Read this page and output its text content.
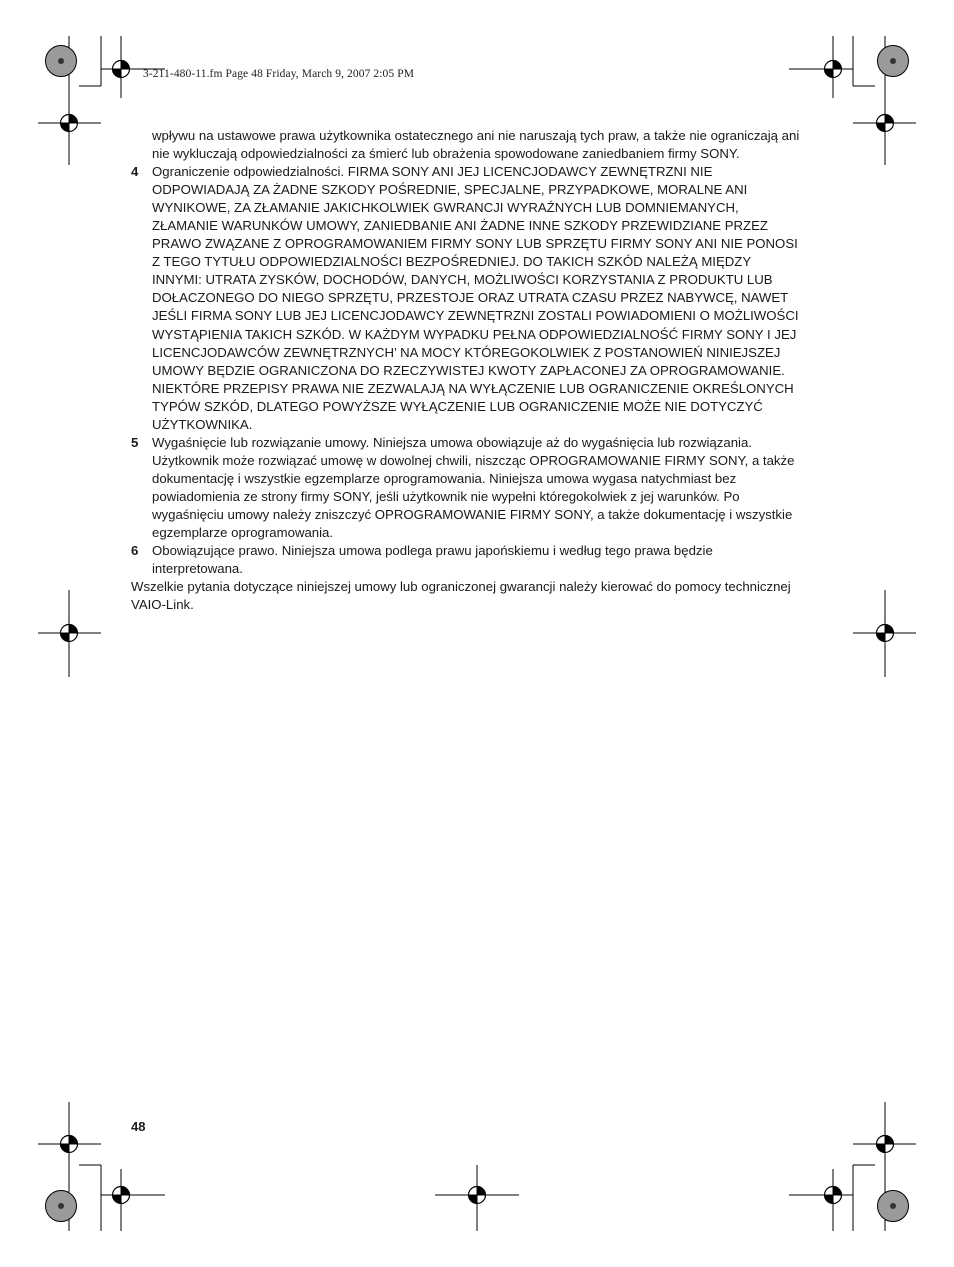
3-211-480-11.fm Page 48 Friday, March 9, 2007 2:05 PM

wpływu na ustawowe prawa użytkownika ostatecznego ani nie naruszają tych praw, a także nie ograniczają ani nie wykluczają odpowiedzialności za śmierć lub obrażenia spowodowane zaniedbaniem firmy SONY.

4	Ograniczenie odpowiedzialności. FIRMA SONY ANI JEJ LICENCJODAWCY ZEWNĘTRZNI NIE ODPOWIADAJĄ ZA ŻADNE SZKODY POŚREDNIE, SPECJALNE, PRZYPADKOWE, MORALNE ANI WYNIKOWE, ZA ZŁAMANIE JAKICHKOLWIEK GWRANCJI WYRAŹNYCH LUB DOMNIEMANYCH, ZŁAMANIE WARUNKÓW UMOWY, ZANIEDBANIE ANI ŻADNE INNE SZKODY PRZEWIDZIANE PRZEZ PRAWO ZWĄZANE Z OPROGRAMOWANIEM FIRMY SONY LUB SPRZĘTU FIRMY SONY ANI NIE PONOSI Z TEGO TYTUŁU ODPOWIEDZIALNOŚCI BEZPOŚREDNIEJ. DO TAKICH SZKÓD NALEŻĄ MIĘDZY INNYMI: UTRATA ZYSKÓW, DOCHODÓW, DANYCH, MOŻLIWOŚCI KORZYSTANIA Z PRODUKTU LUB DOŁACZONEGO DO NIEGO SPRZĘTU, PRZESTOJE ORAZ UTRATA CZASU PRZEZ NABYWCĘ, NAWET JEŚLI FIRMA SONY LUB JEJ LICENCJODAWCY ZEWNĘTRZNI ZOSTALI POWIADOMIENI O MOŻLIWOŚCI WYSTĄPIENIA TAKICH SZKÓD. W KAŻDYM WYPADKU PEŁNA ODPOWIEDZIALNOŚĆ FIRMY SONY I JEJ LICENCJODAWCÓW ZEWNĘTRZNYCH’ NA MOCY KTÓREGOKOLWIEK Z POSTANOWIEŃ NINIEJSZEJ UMOWY BĘDZIE OGRANICZONA DO RZECZYWISTEJ KWOTY ZAPŁACONEJ ZA OPROGRAMOWANIE. NIEKTÓRE PRZEPISY PRAWA NIE ZEZWALAJĄ NA WYŁĄCZENIE LUB OGRANICZENIE OKREŚLONYCH TYPÓW SZKÓD, DLATEGO POWYŻSZE WYŁĄCZENIE LUB OGRANICZENIE MOŻE NIE DOTYCZYĆ UŻYTKOWNIKA.
5	Wygaśnięcie lub rozwiązanie umowy. Niniejsza umowa obowiązuje aż do wygaśnięcia lub rozwiązania. Użytkownik może rozwiązać umowę w dowolnej chwili, niszcząc OPROGRAMOWANIE FIRMY SONY, a także dokumentację i wszystkie egzemplarze oprogramowania. Niniejsza umowa wygasa natychmiast bez powiadomienia ze strony firmy SONY, jeśli użytkownik nie wypełni któregokolwiek z jej warunków. Po wygaśnięciu umowy należy zniszczyć OPROGRAMOWANIE FIRMY SONY, a także dokumentację i wszystkie egzemplarze oprogramowania.
6	Obowiązujące prawo. Niniejsza umowa podlega prawu japońskiemu i według tego prawa będzie interpretowana.

Wszelkie pytania dotyczące niniejszej umowy lub ograniczonej gwarancji należy kierować do pomocy technicznej VAIO-Link.

48
